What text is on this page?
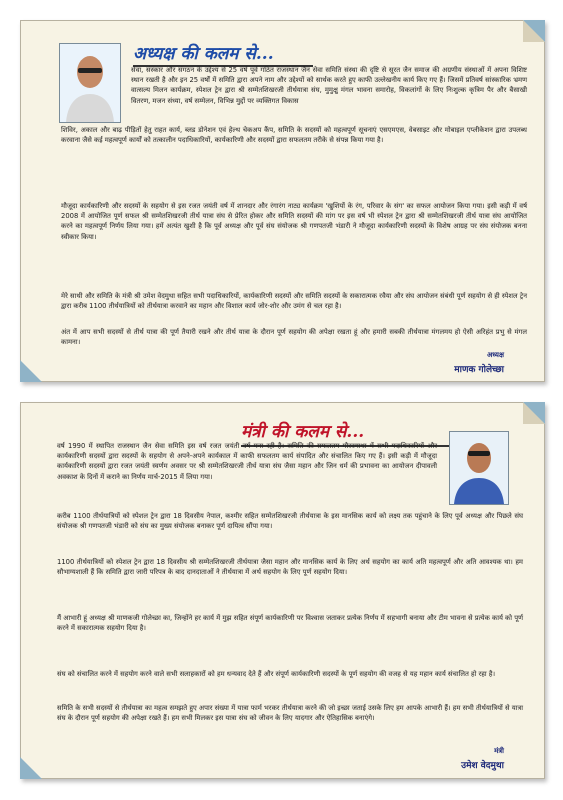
अध्यक्ष की कलम से...
सेवा, संस्कार और संगठन के उद्देश्य से 25 वर्ष पूर्व गठित राजस्थान जैन सेवा समिति संस्था की दृष्टि से सूरत जैन समाज की अग्रणीय संस्थाओं में अपना विशिष्ट स्थान रखती है और इन 25 वर्षों में समिति द्वारा अपने नाम और उद्देश्यों को सार्थक करते हुए काफी उल्लेखनीय कार्य किए गए हैं। जिसमें प्रतिवर्ष सांस्कारिक भ्रमण वात्सल्य मिलन कार्यक्रम, स्पेशल ट्रेन द्वारा श्री सम्मेतशिखरजी तीर्थयात्रा संघ, मुमुक्षु मंगल भावना समारोह, विकलांगों के लिए निःशुल्क कृत्रिम पैर और बैसाखी वितरण, मजन संध्या, वर्ष सम्मेलन, विभिन्न मुद्दों पर व्यक्तिगत विकास
शिविर, अकाल और बाढ़ पीड़ितों हेतु राहत कार्य, ब्लड डोनेशन एवं हेल्थ चेकअप कैंप, समिति के सदस्यों को महत्वपूर्ण सूचनाएं एसएमएस, वेबसाइट और मोबाइल एप्लीकेशन द्वारा उपलब्ध करवाना जैसे कई महत्वपूर्ण कार्यों को तत्कालीन पदाधिकारियों, कार्यकारिणी और सदस्यों द्वारा सफलतम तरीके से संपन्न किया गया है।
मौजूदा कार्यकारिणी और सदस्यों के सहयोग से इस रजत जयंती वर्ष में शानदार और रंगारंग नाट्य कार्यक्रम 'खुशियों के रंग, परिवार के संग' का सफल आयोजन किया गया। इसी कड़ी में वर्ष 2008 में आयोजित पूर्ण सफल श्री सम्मेतशिखरजी तीर्थ यात्रा संघ से प्रेरित होकर और समिति सदस्यों की मांग पर इस वर्ष भी स्पेशल ट्रेन द्वारा श्री सम्मेतशिखरजी तीर्थ यात्रा संघ आयोजित करने का महत्वपूर्ण निर्णय लिया गया। हमें अत्यंत खुशी है कि पूर्व अध्यक्ष और पूर्व संघ संयोजक श्री गणपतजी भंडारी ने मौजूदा कार्यकारिणी सदस्यों के विशेष आग्रह पर संघ संयोजक बनना स्वीकार किया।
मेरे साथी और समिति के मंत्री श्री उमेश वेदमुथा सहित सभी पदाधिकारियों, कार्यकारिणी सदस्यों और समिति सदस्यों के सकारात्मक रवैया और संघ आयोजन संबंधी पूर्ण सहयोग से ही स्पेशल ट्रेन द्वारा करीब 1100 तीर्थयात्रियों को तीर्थयात्रा करवाने का महान और विशाल कार्य जोर-शोर और उमंग से चल रहा है।
अंत में आप सभी सदस्यों से तीर्थ यात्रा की पूर्ण तैयारी रखने और तीर्थ यात्रा के दौरान पूर्ण सहयोग की अपेक्षा रखता हूं और हमारी सबकी तीर्थयात्रा मंगलमय हो ऐसी अरिहंत प्रभु से मंगल कामना।
अध्यक्ष
माणक गोलेच्छा
मंत्री की कलम से...
वर्ष 1990 में स्थापित राजस्थान जैन सेवा समिति इस वर्ष रजत जयंती वर्ष मना रही है। समिति की सफलतम गौरवगाथा में सभी पदाधिकारियों और कार्यकारिणी सदस्यों द्वारा सदस्यों के सहयोग से अपने-अपने कार्यकाल में काफी सफलतम कार्य संपादित और संचालित किए गए हैं। इसी कड़ी में मौजूदा कार्यकारिणी सदस्यों द्वारा रजत जयंती स्वर्णम अवसर पर श्री सम्मेतशिखरजी तीर्थ यात्रा संघ जैसा महान और जिन धर्म की प्रभावना का आयोजन दीपावली अवकाश के दिनों में कराने का निर्णय मार्च-2015 में लिया गया।
करीब 1100 तीर्थयात्रियों को स्पेशल ट्रेन द्वारा 18 दिवसीय नेपाल, कश्मीर सहित सम्मेतशिखरजी तीर्थयात्रा के इस मानसिक कार्य को लक्ष्य तक पहुंचाने के लिए पूर्व अध्यक्ष और पिछले संघ संयोजक श्री गणपतजी भंडारी को संघ का मुख्य संयोजक बनाकर पूर्ण दायित्व सौंपा गया।
1100 तीर्थयात्रियों को स्पेशल ट्रेन द्वारा 18 दिवसीय श्री सम्मेतशिखरजी तीर्थयात्रा जैसा महान और मानसिक कार्य के लिए अर्थ सहयोग का कार्य अति महत्वपूर्ण और अति आवश्यक था। हम सौभाग्यशाली हैं कि समिति द्वारा जारी परिपत्र के बाद दानदाताओं ने तीर्थयात्रा में अर्थ सहयोग के लिए पूर्ण सहयोग दिया।
मैं आभारी हूं अध्यक्ष श्री माणकजी गोलेच्छा का, जिन्होंने हर कार्य में मुझ सहित संपूर्ण कार्यकारिणी पर विश्वास जताकर प्रत्येक निर्णय में सहभागी बनाया और टीम भावना से प्रत्येक कार्य को पूर्ण करने में सकारात्मक सहयोग दिया है।
संघ को संचालित करने में सहयोग करने वाले सभी सलाहकारों को हम धन्यवाद देते हैं और संपूर्ण कार्यकारिणी सदस्यों के पूर्ण सहयोग की वजह से यह महान कार्य संचालित हो रहा है।
समिति के सभी सदस्यों से तीर्थयात्रा का महत्व समझते हुए अपार संख्या में यात्रा फार्म भरकर तीर्थयात्रा करने की जो इच्छा जताई उसके लिए हम आपके आभारी हैं। हम सभी तीर्थयात्रियों से यात्रा संघ के दौरान पूर्ण सहयोग की अपेक्षा रखते हैं। हम सभी मिलकर इस यात्रा संघ को जीवन के लिए यादगार और ऐतिहासिक बनाएंगे।
मंत्री
उमेश वेदमुथा
